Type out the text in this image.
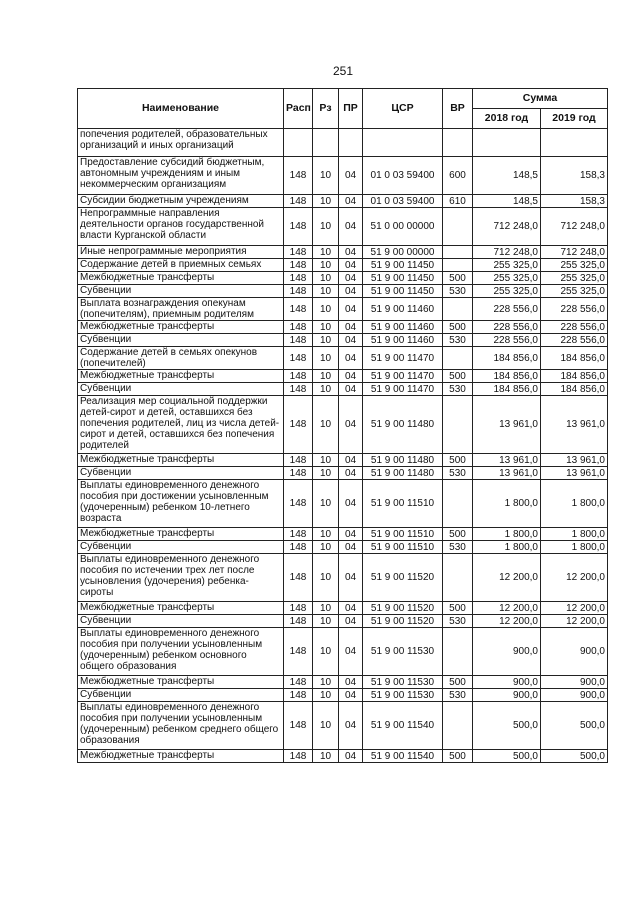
251
Наименование	Расп	Рз	ПР	ЦСР	ВР	Сумма	
						2018 год	2019 год
попечения родителей, образовательных организаций и иных организаций							
Предоставление субсидий бюджетным, автономным учреждениям и иным некоммерческим организациям	148	10	04	01 0 03 59400	600	148,5	158,3
Субсидии бюджетным учреждениям	148	10	04	01 0 03 59400	610	148,5	158,3
Непрограммные направления деятельности органов государственной власти Курганской области	148	10	04	51 0 00 00000		712 248,0	712 248,0
Иные непрограммные мероприятия	148	10	04	51 9 00 00000		712 248,0	712 248,0
Содержание детей в приемных семьях	148	10	04	51 9 00 11450		255 325,0	255 325,0
Межбюджетные трансферты	148	10	04	51 9 00 11450	500	255 325,0	255 325,0
Субвенции	148	10	04	51 9 00 11450	530	255 325,0	255 325,0
Выплата вознаграждения опекунам (попечителям), приемным родителям	148	10	04	51 9 00 11460		228 556,0	228 556,0
Межбюджетные трансферты	148	10	04	51 9 00 11460	500	228 556,0	228 556,0
Субвенции	148	10	04	51 9 00 11460	530	228 556,0	228 556,0
Содержание детей в семьях опекунов (попечителей)	148	10	04	51 9 00 11470		184 856,0	184 856,0
Межбюджетные трансферты	148	10	04	51 9 00 11470	500	184 856,0	184 856,0
Субвенции	148	10	04	51 9 00 11470	530	184 856,0	184 856,0
Реализация мер социальной поддержки детей-сирот и детей, оставшихся без попечения родителей, лиц из числа детей-сирот и детей, оставшихся без попечения родителей	148	10	04	51 9 00 11480		13 961,0	13 961,0
Межбюджетные трансферты	148	10	04	51 9 00 11480	500	13 961,0	13 961,0
Субвенции	148	10	04	51 9 00 11480	530	13 961,0	13 961,0
Выплаты единовременного денежного пособия при достижении усыновленным (удочеренным) ребенком 10-летнего возраста	148	10	04	51 9 00 11510		1 800,0	1 800,0
Межбюджетные трансферты	148	10	04	51 9 00 11510	500	1 800,0	1 800,0
Субвенции	148	10	04	51 9 00 11510	530	1 800,0	1 800,0
Выплаты единовременного денежного пособия по истечении трех лет после усыновления (удочерения) ребенка-сироты	148	10	04	51 9 00 11520		12 200,0	12 200,0
Межбюджетные трансферты	148	10	04	51 9 00 11520	500	12 200,0	12 200,0
Субвенции	148	10	04	51 9 00 11520	530	12 200,0	12 200,0
Выплаты единовременного денежного пособия при получении усыновленным (удочеренным) ребенком основного общего образования	148	10	04	51 9 00 11530		900,0	900,0
Межбюджетные трансферты	148	10	04	51 9 00 11530	500	900,0	900,0
Субвенции	148	10	04	51 9 00 11530	530	900,0	900,0
Выплаты единовременного денежного пособия при получении усыновленным (удочеренным) ребенком среднего общего образования	148	10	04	51 9 00 11540		500,0	500,0
Межбюджетные трансферты	148	10	04	51 9 00 11540	500	500,0	500,0
